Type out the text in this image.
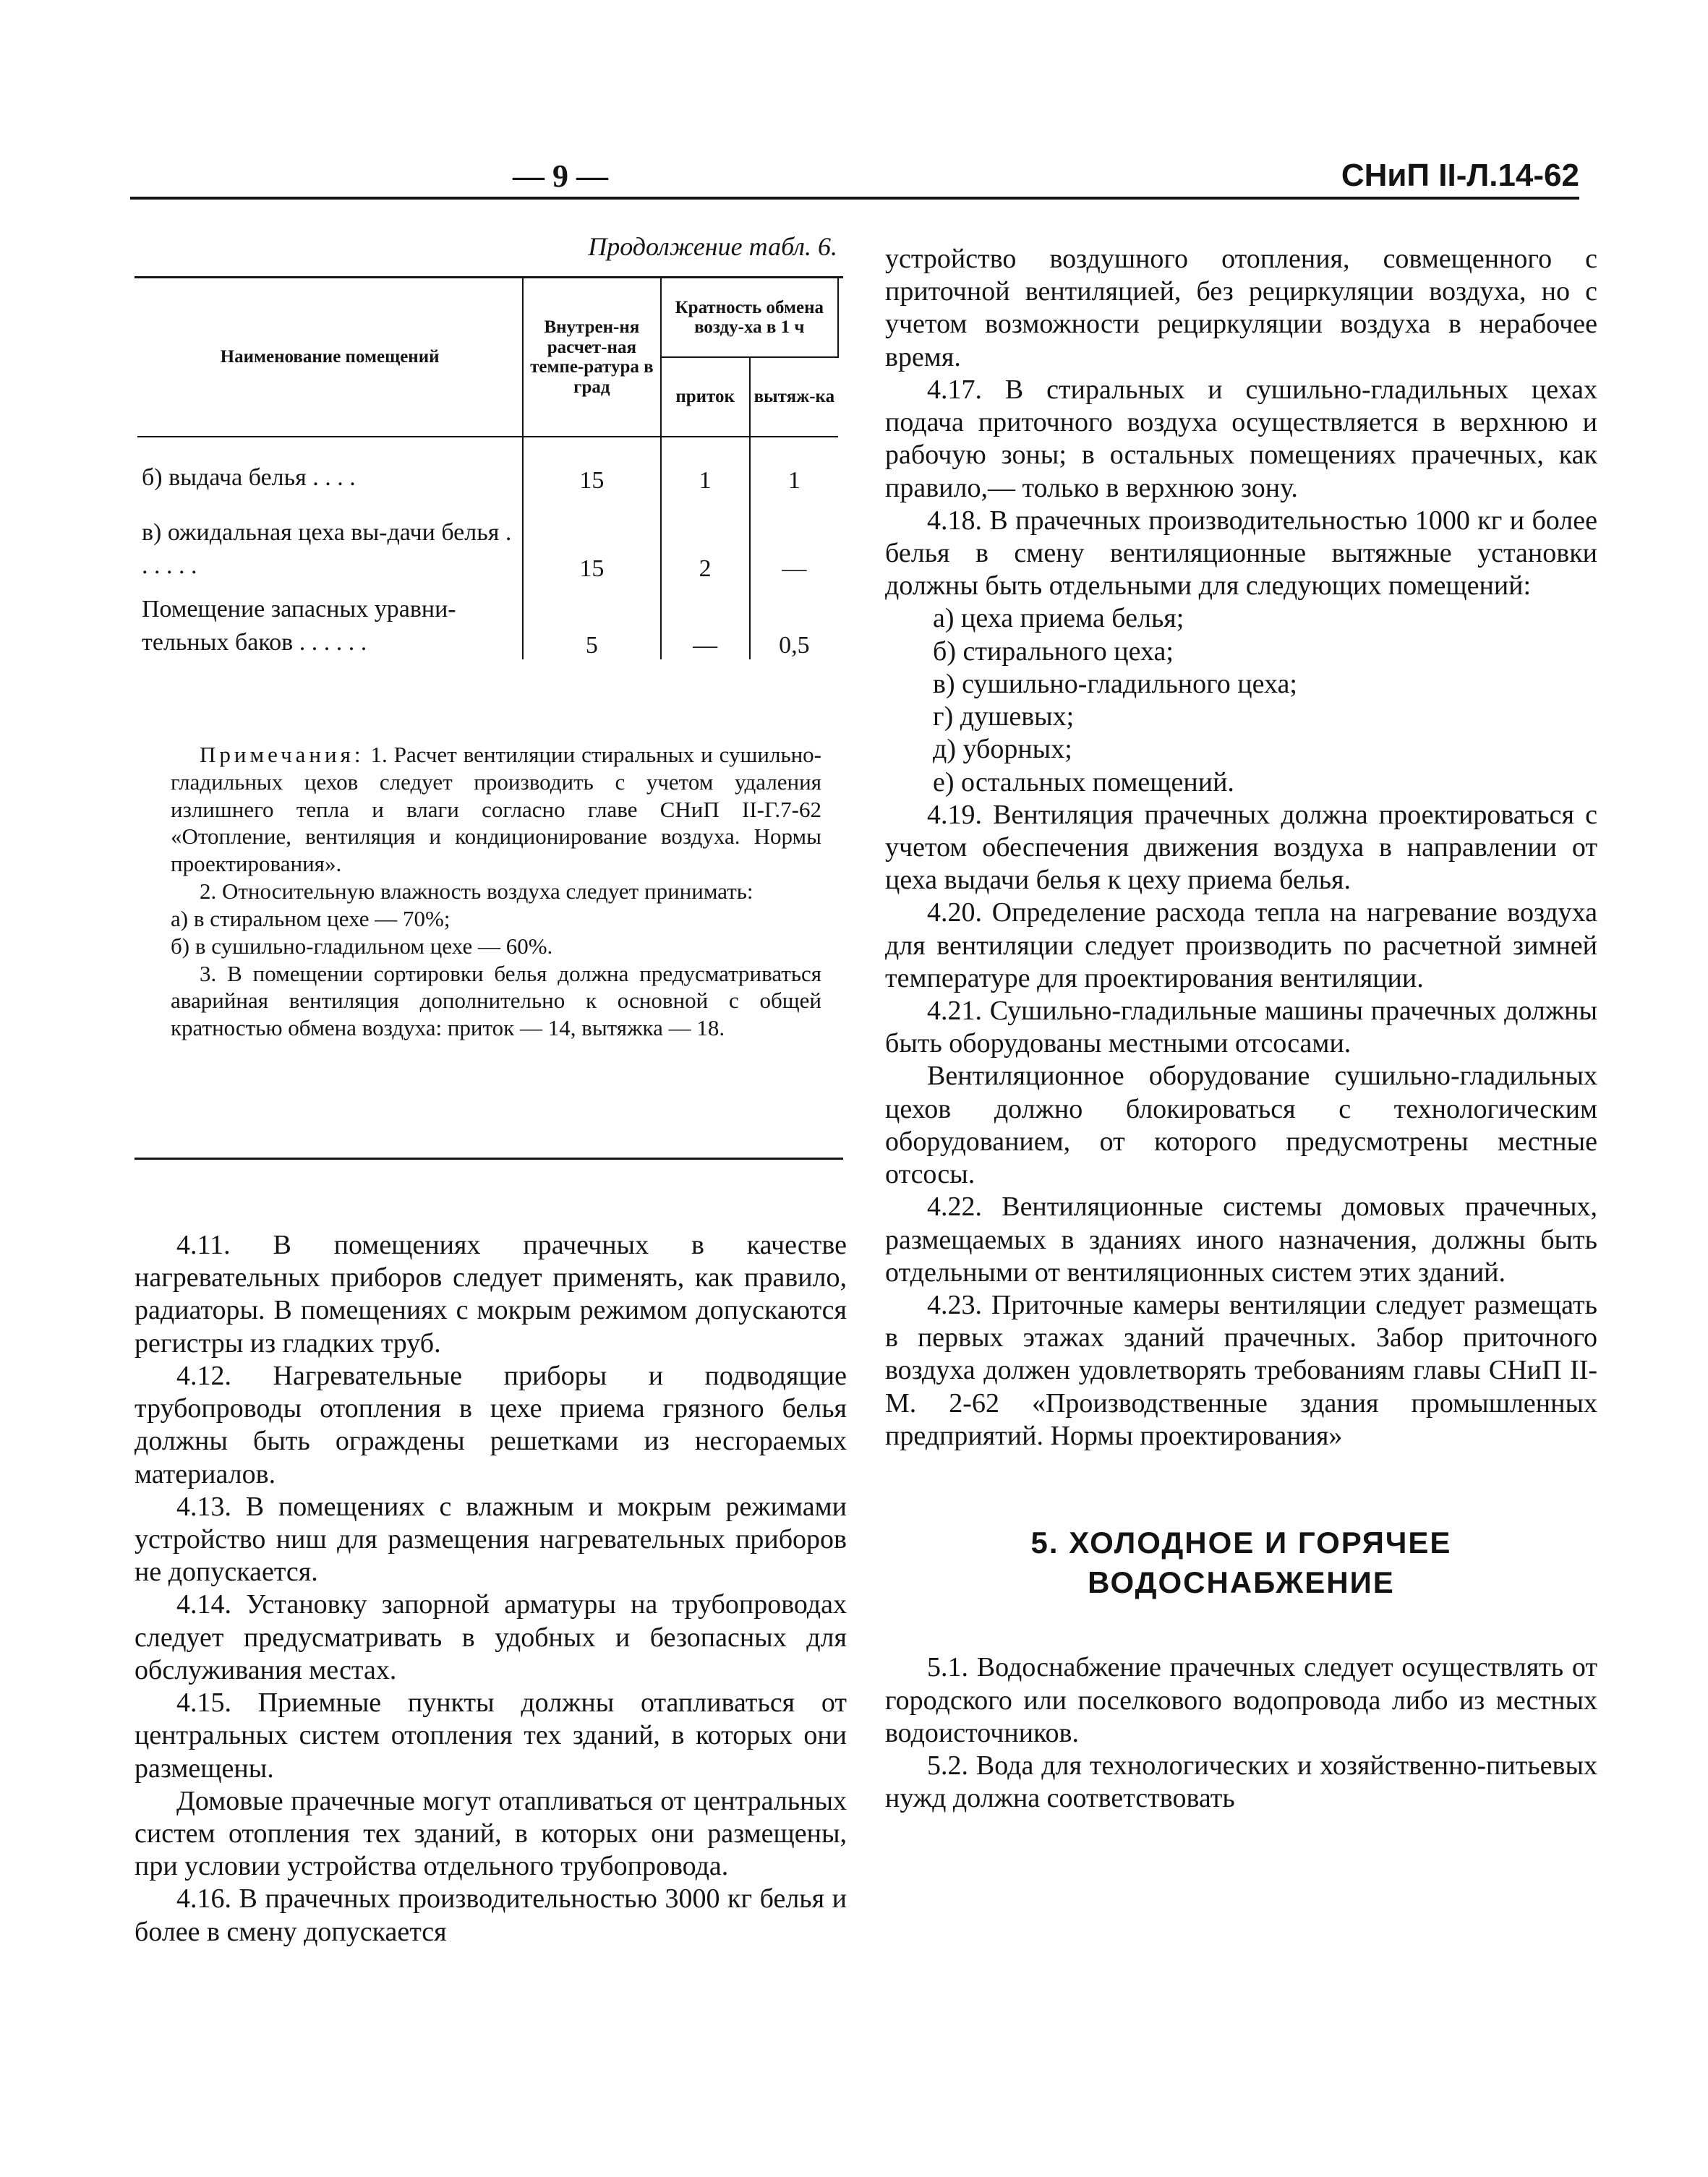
— 9 —	СНиП II-Л.14-62
Продолжение табл. 6.
Наименование помещений	Внутрен-ня расчет-ная темпе-ратура в град	Кратность обмена возду-ха в 1 ч	
		приток	вытяж-ка
б) выдача белья . . . .	15	1	1
в) ожидальная цеха вы-дачи белья . . . . . .	15	2	—
Помещение запасных уравни-тельных баков . . . . . .	5	—	0,5

Примечания: 1. Расчет вентиляции стиральных и сушильно-гладильных цехов следует производить с учетом удаления излишнего тепла и влаги согласно главе СНиП II-Г.7-62 «Отопление, вентиляция и кондиционирование воздуха. Нормы проектирования».

2. Относительную влажность воздуха следует принимать:

а) в стиральном цехе — 70%;

б) в сушильно-гладильном цехе — 60%.

3. В помещении сортировки белья должна предусматриваться аварийная вентиляция дополнительно к основной с общей кратностью обмена воздуха: приток — 14, вытяжка — 18.

4.11. В помещениях прачечных в качестве нагревательных приборов следует применять, как правило, радиаторы. В помещениях с мокрым режимом допускаются регистры из гладких труб.

4.12. Нагревательные приборы и подводящие трубопроводы отопления в цехе приема грязного белья должны быть ограждены решетками из несгораемых материалов.

4.13. В помещениях с влажным и мокрым режимами устройство ниш для размещения нагревательных приборов не допускается.

4.14. Установку запорной арматуры на трубопроводах следует предусматривать в удобных и безопасных для обслуживания местах.

4.15. Приемные пункты должны отапливаться от центральных систем отопления тех зданий, в которых они размещены.

Домовые прачечные могут отапливаться от центральных систем отопления тех зданий, в которых они размещены, при условии устройства отдельного трубопровода.

4.16. В прачечных производительностью 3000 кг белья и более в смену допускается

устройство воздушного отопления, совмещенного с приточной вентиляцией, без рециркуляции воздуха, но с учетом возможности рециркуляции воздуха в нерабочее время.

4.17. В стиральных и сушильно-гладильных цехах подача приточного воздуха осуществляется в верхнюю и рабочую зоны; в остальных помещениях прачечных, как правило,— только в верхнюю зону.

4.18. В прачечных производительностью 1000 кг и более белья в смену вентиляционные вытяжные установки должны быть отдельными для следующих помещений:

а) цеха приема белья;

б) стирального цеха;

в) сушильно-гладильного цеха;

г) душевых;

д) уборных;

е) остальных помещений.

4.19. Вентиляция прачечных должна проектироваться с учетом обеспечения движения воздуха в направлении от цеха выдачи белья к цеху приема белья.

4.20. Определение расхода тепла на нагревание воздуха для вентиляции следует производить по расчетной зимней температуре для проектирования вентиляции.

4.21. Сушильно-гладильные машины прачечных должны быть оборудованы местными отсосами.

Вентиляционное оборудование сушильно-гладильных цехов должно блокироваться с технологическим оборудованием, от которого предусмотрены местные отсосы.

4.22. Вентиляционные системы домовых прачечных, размещаемых в зданиях иного назначения, должны быть отдельными от вентиляционных систем этих зданий.

4.23. Приточные камеры вентиляции следует размещать в первых этажах зданий прачечных. Забор приточного воздуха должен удовлетворять требованиям главы СНиП II-М. 2-62 «Производственные здания промышленных предприятий. Нормы проектирования»

5. ХОЛОДНОЕ И ГОРЯЧЕЕ
ВОДОСНАБЖЕНИЕ

5.1. Водоснабжение прачечных следует осуществлять от городского или поселкового водопровода либо из местных водоисточников.

5.2. Вода для технологических и хозяйственно-питьевых нужд должна соответствовать
